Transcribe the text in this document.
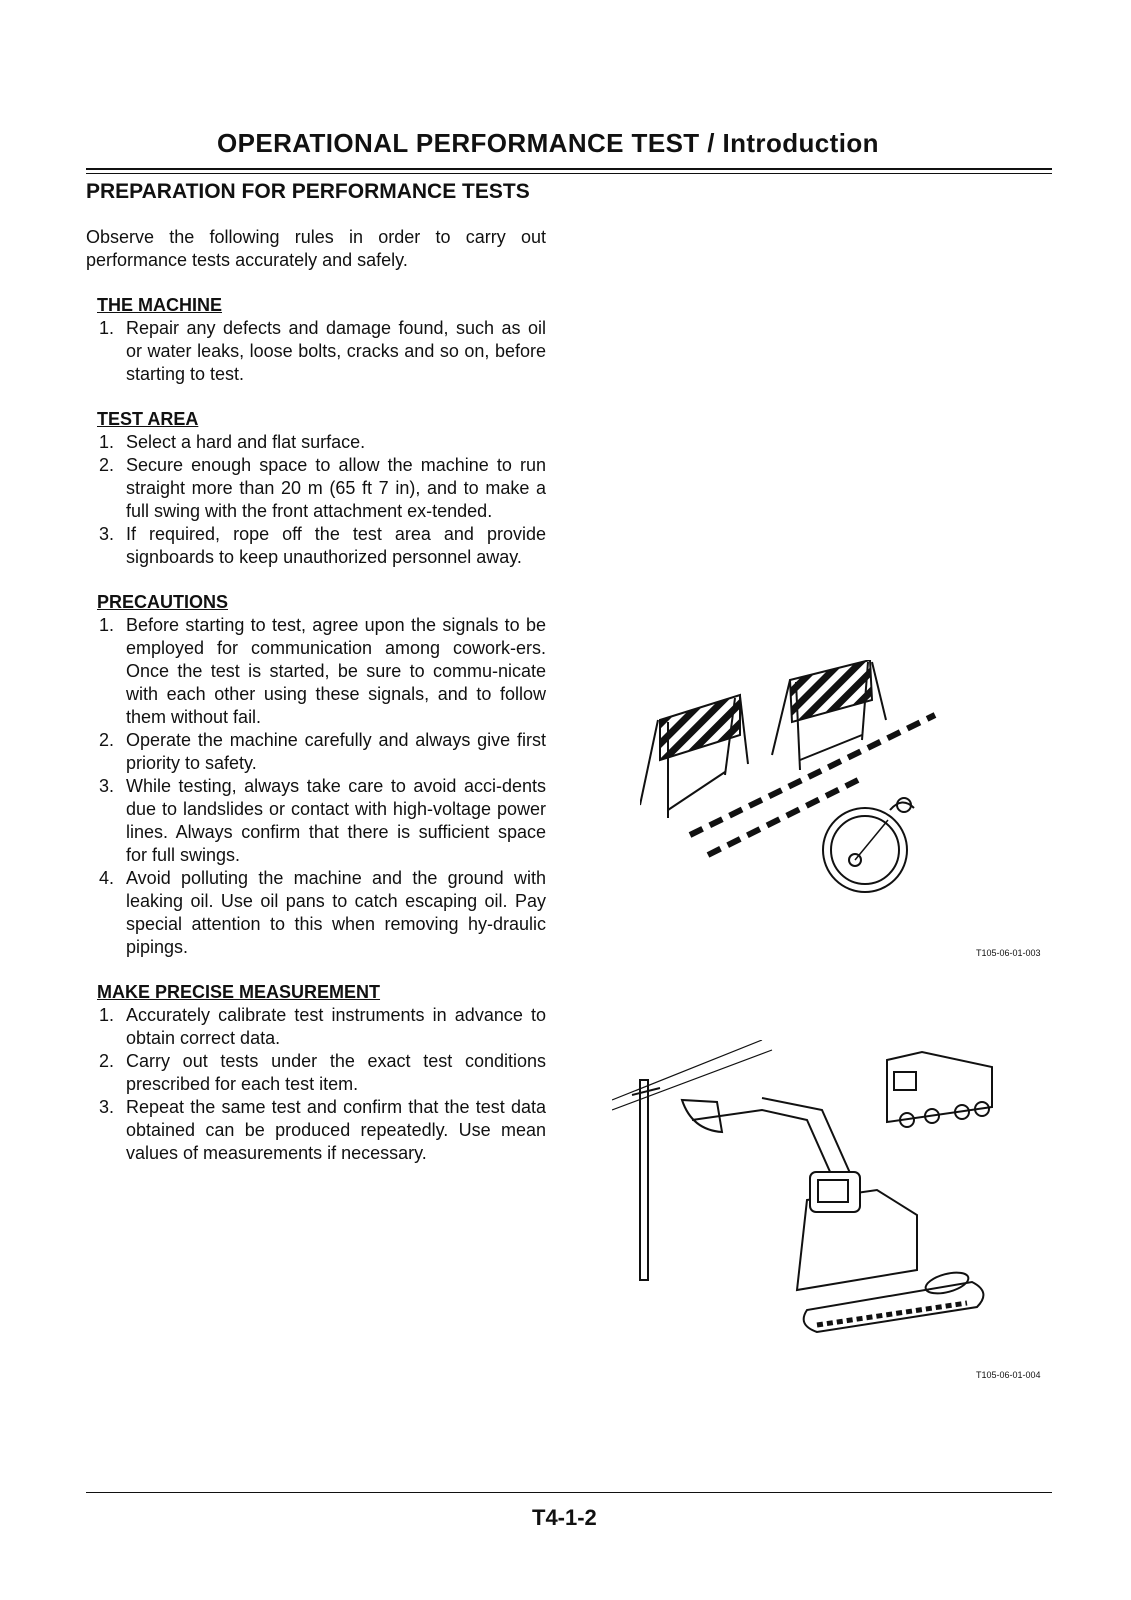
OPERATIONAL PERFORMANCE TEST / Introduction
PREPARATION FOR PERFORMANCE TESTS

Observe the following rules in order to carry out performance tests accurately and safely.

THE MACHINE
1. Repair any defects and damage found, such as oil or water leaks, loose bolts, cracks and so on, before starting to test.
TEST AREA
1. Select a hard and flat surface.
2. Secure enough space to allow the machine to run straight more than 20 m (65 ft 7 in), and to make a full swing with the front attachment ex-tended.
3. If required, rope off the test area and provide signboards to keep unauthorized personnel away.
PRECAUTIONS
1. Before starting to test, agree upon the signals to be employed for communication among cowork-ers. Once the test is started, be sure to commu-nicate with each other using these signals, and to follow them without fail.
2. Operate the machine carefully and always give first priority to safety.
3. While testing, always take care to avoid acci-dents due to landslides or contact with high-voltage power lines. Always confirm that there is sufficient space for full swings.
4. Avoid polluting the machine and the ground with leaking oil. Use oil pans to catch escaping oil. Pay special attention to this when removing hy-draulic pipings.
MAKE PRECISE MEASUREMENT
1. Accurately calibrate test instruments in advance to obtain correct data.
2. Carry out tests under the exact test conditions prescribed for each test item.
3. Repeat the same test and confirm that the test data obtained can be produced repeatedly. Use mean values of measurements if necessary.
T105-06-01-003
T105-06-01-004
T4-1-2
